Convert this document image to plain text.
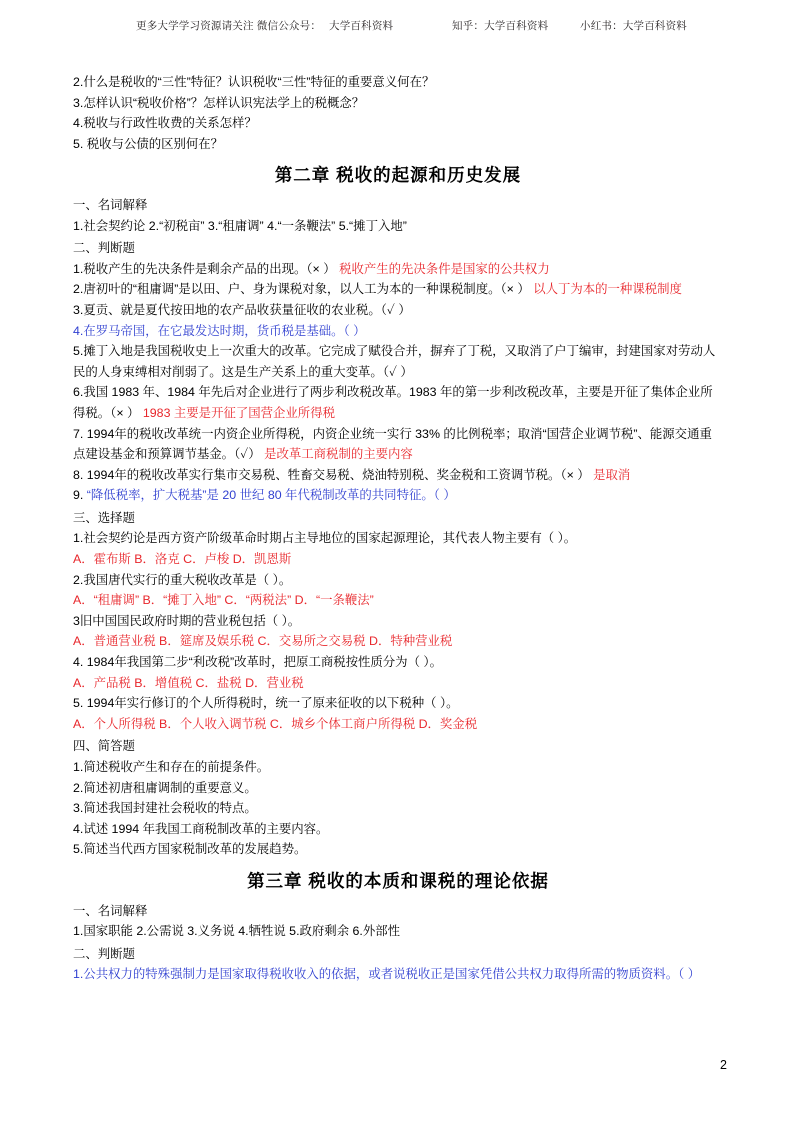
更多大学学习资源请关注 微信公众号： 大学百科资料	知乎：大学百科资料	小红书：大学百科资料

2.什么是税收的“三性”特征？认识税收“三性”特征的重要意义何在？

3.怎样认识“税收价格”？怎样认识宪法学上的税概念？

4.税收与行政性收费的关系怎样？

5. 税收与公债的区别何在？

第二章 税收的起源和历史发展

一、名词解释

1.社会契约论 2.“初税亩” 3.“租庸调” 4.“一条鞭法” 5.“摊丁入地”

二、判断题

1.税收产生的先决条件是剩余产品的出现。（× ） 税收产生的先决条件是国家的公共权力

2.唐初叶的“租庸调”是以田、户、身为课税对象，以人工为本的一种课税制度。（× ） 以人丁为本的一种课税制度

3.夏贡、就是夏代按田地的农产品收获量征收的农业税。（✓ ）

4.在罗马帝国，在它最发达时期，货币税是基础。（ ）

5.摊丁入地是我国税收史上一次重大的改革。它完成了赋役合并，摒弃了丁税，又取消了户丁编审，封建国家对劳动人民的人身束缚相对削弱了。这是生产关系上的重大变革。（✓ ）

6.我国 1983 年、1984 年先后对企业进行了两步利改税改革。1983 年的第一步利改税改革，主要是开征了集体企业所得税。（× ） 1983 主要是开征了国营企业所得税

7. 1994年的税收改革统一内资企业所得税，内资企业统一实行 33% 的比例税率；取消“国营企业调节税”、能源交通重点建设基金和预算调节基金。（✓） 是改革工商税制的主要内容

8. 1994年的税收改革实行集市交易税、牲畜交易税、烧油特别税、奖金税和工资调节税。（× ） 是取消

9. “降低税率，扩大税基”是 20 世纪 80 年代税制改革的共同特征。（ ）

三、选择题

1.社会契约论是西方资产阶级革命时期占主导地位的国家起源理论，其代表人物主要有（ ）。

A．霍布斯 B．洛克 C．卢梭 D．凯恩斯

2.我国唐代实行的重大税收改革是（ ）。

A．“租庸调” B．“摊丁入地” C．“两税法” D．“一条鞭法”

3旧中国国民政府时期的营业税包括（ ）。

A．普通营业税 B．筵席及娱乐税 C．交易所之交易税 D．特种营业税

4. 1984年我国第二步“利改税”改革时，把原工商税按性质分为（ ）。

A．产品税 B．增值税 C．盐税 D．营业税

5. 1994年实行修订的个人所得税时，统一了原来征收的以下税种（ ）。

A．个人所得税 B．个人收入调节税 C．城乡个体工商户所得税 D．奖金税

四、简答题

1.简述税收产生和存在的前提条件。

2.简述初唐租庸调制的重要意义。

3.简述我国封建社会税收的特点。

4.试述 1994 年我国工商税制改革的主要内容。

5.简述当代西方国家税制改革的发展趋势。

第三章 税收的本质和课税的理论依据

一、名词解释

1.国家职能 2.公需说 3.义务说 4.牺牲说 5.政府剩余 6.外部性

二、判断题

1.公共权力的特殊强制力是国家取得税收收入的依据，或者说税收正是国家凭借公共权力取得所需的物质资料。（ ）

2
